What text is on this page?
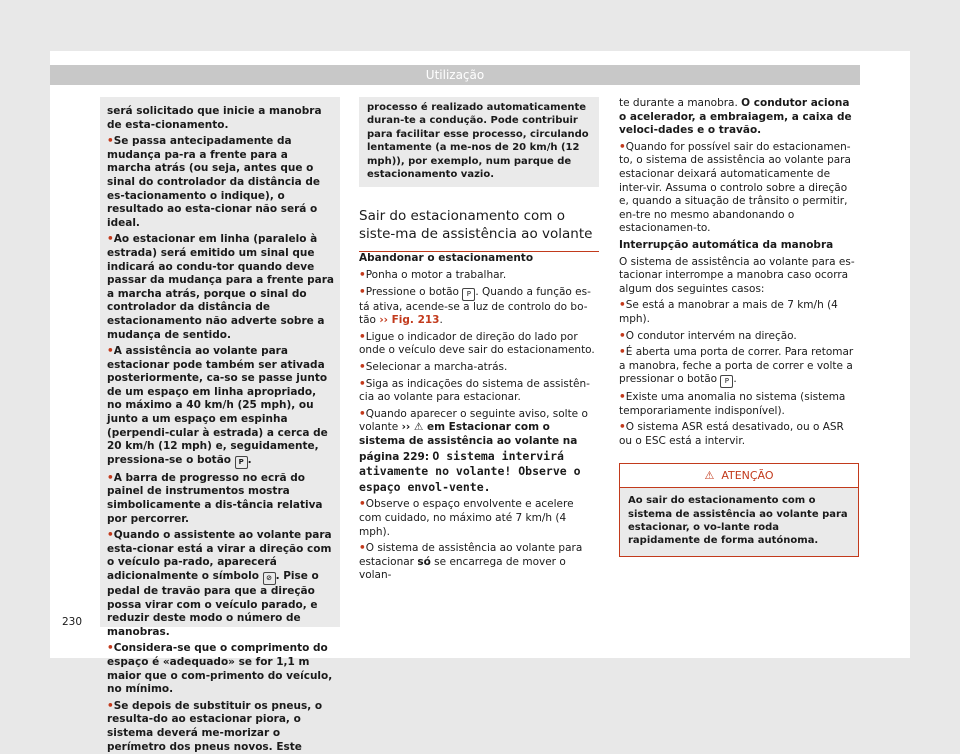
Utilização

será solicitado que inicie a manobra de esta-cionamento.

• Se passa antecipadamente da mudança pa-ra a frente para a marcha atrás (ou seja, antes que o sinal do controlador da distância de es-tacionamento o indique), o resultado ao esta-cionar não será o ideal.

• Ao estacionar em linha (paralelo à estrada) será emitido um sinal que indicará ao condu-tor quando deve passar da mudança para a frente para a marcha atrás, porque o sinal do controlador da distância de estacionamento não adverte sobre a mudança de sentido.

• A assistência ao volante para estacionar pode também ser ativada posteriormente, ca-so se passe junto de um espaço em linha apropriado, no máximo a 40 km/h (25 mph), ou junto a um espaço em espinha (perpendi-cular à estrada) a cerca de 20 km/h (12 mph) e, seguidamente, pressiona-se o botão P .

• A barra de progresso no ecrã do painel de instrumentos mostra simbolicamente a dis-tância relativa por percorrer.

• Quando o assistente ao volante para esta-cionar está a virar a direção com o veículo pa-rado, aparecerá adicionalmente o símbolo ⊘ . Pise o pedal de travão para que a direção possa virar com o veículo parado, e reduzir deste modo o número de manobras.

• Considera-se que o comprimento do espaço é «adequado» se for 1,1 m maior que o com-primento do veículo, no mínimo.

• Se depois de substituir os pneus, o resulta-do ao estacionar piora, o sistema deverá me-morizar o perímetro dos pneus novos. Este

processo é realizado automaticamente duran-te a condução. Pode contribuir para facilitar esse processo, circulando lentamente (a me-nos de 20 km/h (12 mph)), por exemplo, num parque de estacionamento vazio.
Sair do estacionamento com o siste-ma de assistência ao volante

Abandonar o estacionamento

• Ponha o motor a trabalhar.

• Pressione o botão P . Quando a função es-tá ativa, acende-se a luz de controlo do bo-tão ›› Fig. 213.

• Ligue o indicador de direção do lado por onde o veículo deve sair do estacionamento.

• Selecionar a marcha-atrás.

• Siga as indicações do sistema de assistên-cia ao volante para estacionar.

• Quando aparecer o seguinte aviso, solte o volante ›› ⚠ em Estacionar com o sistema de assistência ao volante na página 229: O sistema intervirá ativamente no volante! Observe o espaço envol-vente.

• Observe o espaço envolvente e acelere com cuidado, no máximo até 7 km/h (4 mph).

• O sistema de assistência ao volante para estacionar só se encarrega de mover o volan-

te durante a manobra. O condutor aciona o acelerador, a embraiagem, a caixa de veloci-dades e o travão.

• Quando for possível sair do estacionamen-to, o sistema de assistência ao volante para estacionar deixará automaticamente de inter-vir. Assuma o controlo sobre a direção e, quando a situação de trânsito o permitir, en-tre no mesmo abandonando o estacionamen-to.

Interrupção automática da manobra

O sistema de assistência ao volante para es-tacionar interrompe a manobra caso ocorra algum dos seguintes casos:

• Se está a manobrar a mais de 7 km/h (4 mph).

• O condutor intervém na direção.

• É aberta uma porta de correr. Para retomar a manobra, feche a porta de correr e volte a pressionar o botão P .

• Existe uma anomalia no sistema (sistema temporariamente indisponível).

• O sistema ASR está desativado, ou o ASR ou o ESC está a intervir.

⚠ ATENÇÃO
Ao sair do estacionamento com o sistema de assistência ao volante para estacionar, o vo-lante roda rapidamente de forma autónoma.
230
